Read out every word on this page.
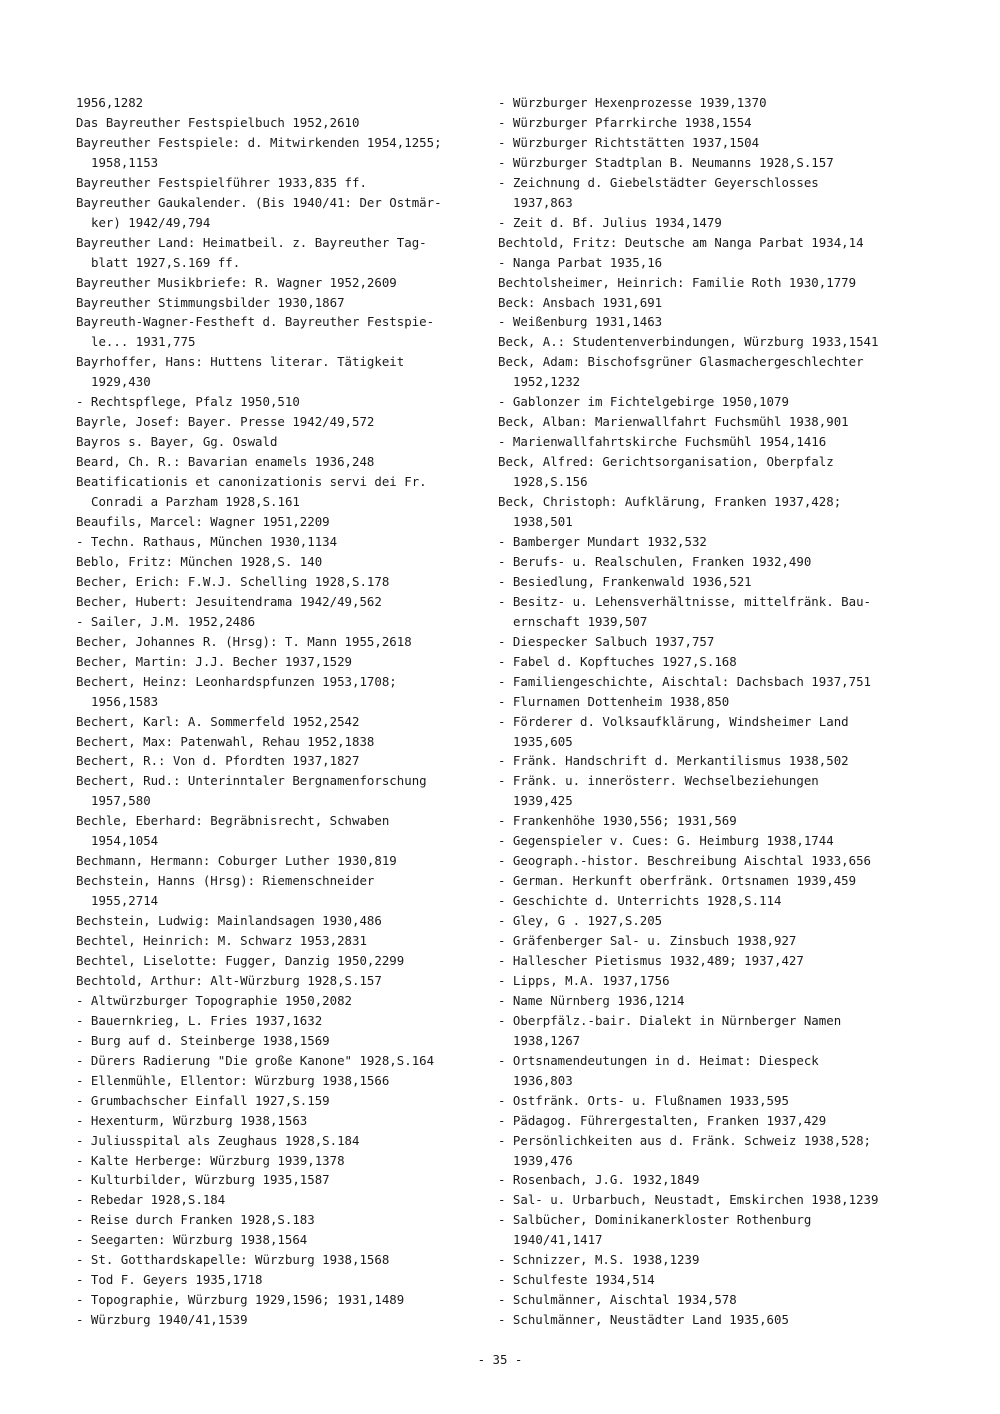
1956,1282
Das Bayreuther Festspielbuch 1952,2610
Bayreuther Festspiele: d. Mitwirkenden 1954,1255;
1958,1153
Bayreuther Festspielführer 1933,835 ff.
Bayreuther Gaukalender. (Bis 1940/41: Der Ostmär-
ker) 1942/49,794
Bayreuther Land: Heimatbeil. z. Bayreuther Tag-
blatt 1927,S.169 ff.
Bayreuther Musikbriefe: R. Wagner 1952,2609
Bayreuther Stimmungsbilder 1930,1867
Bayreuth-Wagner-Festheft d. Bayreuther Festspie-
le... 1931,775
Bayrhoffer, Hans: Huttens literar. Tätigkeit
1929,430
- Rechtspflege, Pfalz 1950,510
Bayrle, Josef: Bayer. Presse 1942/49,572
Bayros s. Bayer, Gg. Oswald
Beard, Ch. R.: Bavarian enamels 1936,248
Beatificationis et canonizationis servi dei Fr.
Conradi a Parzham 1928,S.161
Beaufils, Marcel: Wagner 1951,2209
- Techn. Rathaus, München 1930,1134
Beblo, Fritz: München 1928,S. 140
Becher, Erich: F.W.J. Schelling 1928,S.178
Becher, Hubert: Jesuitendrama 1942/49,562
- Sailer, J.M. 1952,2486
Becher, Johannes R. (Hrsg): T. Mann 1955,2618
Becher, Martin: J.J. Becher 1937,1529
Bechert, Heinz: Leonhardspfunzen 1953,1708;
1956,1583
Bechert, Karl: A. Sommerfeld 1952,2542
Bechert, Max: Patenwahl, Rehau 1952,1838
Bechert, R.: Von d. Pfordten 1937,1827
Bechert, Rud.: Unterinntaler Bergnamenforschung
1957,580
Bechle, Eberhard: Begräbnisrecht, Schwaben
1954,1054
Bechmann, Hermann: Coburger Luther 1930,819
Bechstein, Hanns (Hrsg): Riemenschneider
1955,2714
Bechstein, Ludwig: Mainlandsagen 1930,486
Bechtel, Heinrich: M. Schwarz 1953,2831
Bechtel, Liselotte: Fugger, Danzig 1950,2299
Bechtold, Arthur: Alt-Würzburg 1928,S.157
- Altwürzburger Topographie 1950,2082
- Bauernkrieg, L. Fries 1937,1632
- Burg auf d. Steinberge 1938,1569
- Dürers Radierung "Die große Kanone" 1928,S.164
- Ellenmühle, Ellentor: Würzburg 1938,1566
- Grumbachscher Einfall 1927,S.159
- Hexenturm, Würzburg 1938,1563
- Juliusspital als Zeughaus 1928,S.184
- Kalte Herberge: Würzburg 1939,1378
- Kulturbilder, Würzburg 1935,1587
- Rebedar 1928,S.184
- Reise durch Franken 1928,S.183
- Seegarten: Würzburg 1938,1564
- St. Gotthardskapelle: Würzburg 1938,1568
- Tod F. Geyers 1935,1718
- Topographie, Würzburg 1929,1596; 1931,1489
- Würzburg 1940/41,1539
- Würzburger Hexenprozesse 1939,1370
- Würzburger Pfarrkirche 1938,1554
- Würzburger Richtstätten 1937,1504
- Würzburger Stadtplan B. Neumanns 1928,S.157
- Zeichnung d. Giebelstädter Geyerschlosses
1937,863
- Zeit d. Bf. Julius 1934,1479
Bechtold, Fritz: Deutsche am Nanga Parbat 1934,14
- Nanga Parbat 1935,16
Bechtolsheimer, Heinrich: Familie Roth 1930,1779
Beck: Ansbach 1931,691
- Weißenburg 1931,1463
Beck, A.: Studentenverbindungen, Würzburg 1933,1541
Beck, Adam: Bischofsgrüner Glasmachergeschlechter
1952,1232
- Gablonzer im Fichtelgebirge 1950,1079
Beck, Alban: Marienwallfahrt Fuchsmühl 1938,901
- Marienwallfahrtskirche Fuchsmühl 1954,1416
Beck, Alfred: Gerichtsorganisation, Oberpfalz
1928,S.156
Beck, Christoph: Aufklärung, Franken 1937,428;
1938,501
- Bamberger Mundart 1932,532
- Berufs- u. Realschulen, Franken 1932,490
- Besiedlung, Frankenwald 1936,521
- Besitz- u. Lehensverhältnisse, mittelfränk. Bau-
ernschaft 1939,507
- Diespecker Salbuch 1937,757
- Fabel d. Kopftuches 1927,S.168
- Familiengeschichte, Aischtal: Dachsbach 1937,751
- Flurnamen Dottenheim 1938,850
- Förderer d. Volksaufklärung, Windsheimer Land
1935,605
- Fränk. Handschrift d. Merkantilismus 1938,502
- Fränk. u. innerösterr. Wechselbeziehungen
1939,425
- Frankenhöhe 1930,556; 1931,569
- Gegenspieler v. Cues: G. Heimburg 1938,1744
- Geograph.-histor. Beschreibung Aischtal 1933,656
- German. Herkunft oberfränk. Ortsnamen 1939,459
- Geschichte d. Unterrichts 1928,S.114
- Gley, G . 1927,S.205
- Gräfenberger Sal- u. Zinsbuch 1938,927
- Hallescher Pietismus 1932,489; 1937,427
- Lipps, M.A. 1937,1756
- Name Nürnberg 1936,1214
- Oberpfälz.-bair. Dialekt in Nürnberger Namen
1938,1267
- Ortsnamendeutungen in d. Heimat: Diespeck
1936,803
- Ostfränk. Orts- u. Flußnamen 1933,595
- Pädagog. Führergestalten, Franken 1937,429
- Persönlichkeiten aus d. Fränk. Schweiz 1938,528;
1939,476
- Rosenbach, J.G. 1932,1849
- Sal- u. Urbarbuch, Neustadt, Emskirchen 1938,1239
- Salbücher, Dominikanerkloster Rothenburg
1940/41,1417
- Schnizzer, M.S. 1938,1239
- Schulfeste 1934,514
- Schulmänner, Aischtal 1934,578
- Schulmänner, Neustädter Land 1935,605
- 35 -
